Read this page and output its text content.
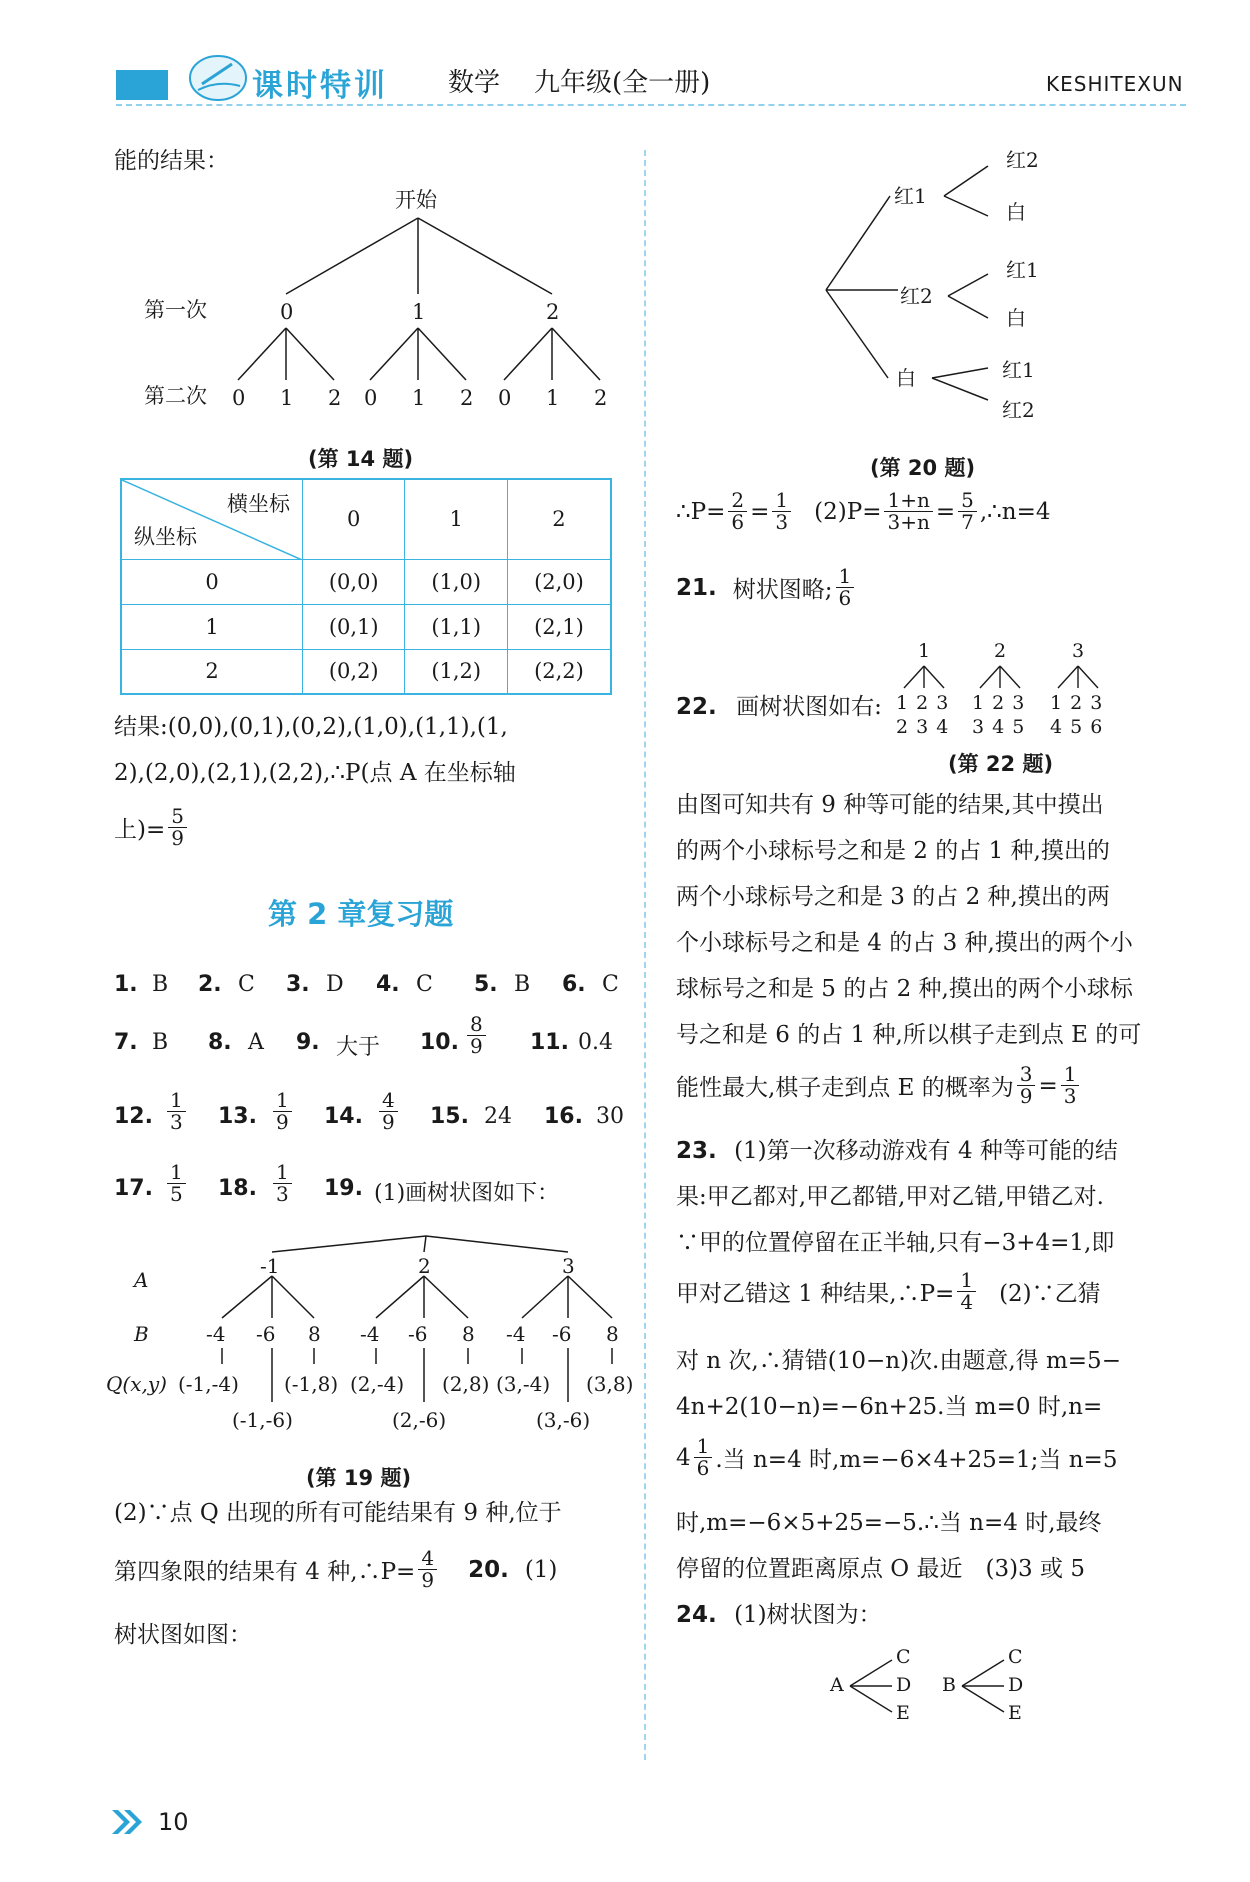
课时特训 数学 九年级(全一册)	KESHITEXUN
能的结果：
开始
第一次
第二次
0	1	2
0 1 2 0 1 2 0 1 2
(第 14 题)
横坐标
纵坐标	0	1	2
0	(0,0)	(1,0)	(2,0)
1	(0,1)	(1,1)	(2,1)
2	(0,2)	(1,2)	(2,2)
结果:(0,0),(0,1),(0,2),(1,0),(1,1),(1,
2),(2,0),(2,1),(2,2),∴P(点 A 在坐标轴
上)= $\frac{5}{9}$
第 2 章复习题
1. B 2. C 3. D 4. C 5. B 6. C
7. B 8. A 9. 大于 10. $\frac{8}{9} 11$. 0.4
12. $\frac{1}{3} 13$. $\frac{1}{9} 14$. $\frac{4}{9} 15$. 24 16. 30
17. $\frac{1}{5} 18$. $\frac{1}{3} 19$. (1)画树状图如下：
A
B
Q(x,y)
-1	2	3
-4 -6 8 -4 -6 8 -4 -6 8
(-1,-4) (-1,8) (2,-4) (2,8) (3,-4) (3,8)
(-1,-6)	(2,-6)	(3,-6)
(第 19 题)
(2)∵点 Q 出现的所有可能结果有 9 种,位于
第四象限的结果有 4 种,∴P= $\frac{4}{9} 20$. (1)
树状图如图：
红1
红2
白
红2
白
红1
白
红1
红2
(第 20 题)
∴P= $\frac{2}{6} = \frac{1}{3} (2)P= \frac{1+n}{3+n} = \frac{5}{7}$ ,∴n=4
21. 树状图略; $\frac{1}{6}$
22. 画树状图如右:
1	2	3
1 2 3 1 2 3 1 2 3
2 3 4 3 4 5 4 5 6
(第 22 题)
由图可知共有 9 种等可能的结果,其中摸出
的两个小球标号之和是 2 的占 1 种,摸出的
两个小球标号之和是 3 的占 2 种,摸出的两
个小球标号之和是 4 的占 3 种,摸出的两个小
球标号之和是 5 的占 2 种,摸出的两个小球标
号之和是 6 的占 1 种,所以棋子走到点 E 的可
能性最大,棋子走到点 E 的概率为 $\frac{3}{9} = \frac{1}{3}$
23. (1)第一次移动游戏有 4 种等可能的结
果:甲乙都对,甲乙都错,甲对乙错,甲错乙对.
∵甲的位置停留在正半轴,只有−3+4=1,即
甲对乙错这 1 种结果,∴P= $\frac{1}{4}$ (2)∵乙猜
对 n 次,∴猜错(10−n)次.由题意,得 m=5−
4n+2(10−n)=−6n+25.当 m=0 时,n=
$4 \frac{1}{6}$ .当 n=4 时,m=−6×4+25=1;当 n=5
时,m=−6×5+25=−5.∴当 n=4 时,最终
停留的位置距离原点 O 最近　(3)3 或 5
24. (1)树状图为：
A	B
C
D
E
C
D
E
10
